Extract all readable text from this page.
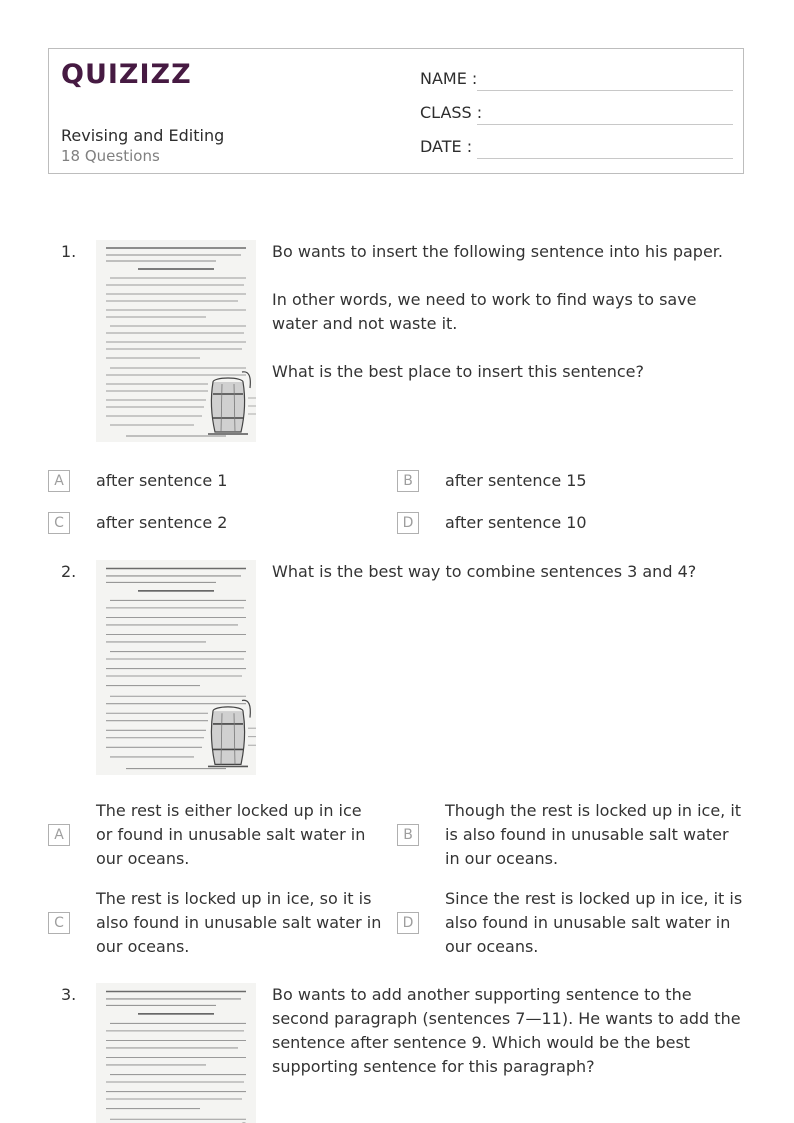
QUIZIZZ
Revising and Editing
18 Questions
NAME :
CLASS :
DATE :
1.	Bo wants to insert the following sentence into his paper.

In other words, we need to work to find ways to save water and not waste it.

What is the best place to insert this sentence?

A	after sentence 1	B	after sentence 15
C	after sentence 2	D	after sentence 10
2.	What is the best way to combine sentences 3 and 4?

A
The rest is either locked up in ice or found in unusable salt water in our oceans.
B
Though the rest is locked up in ice, it is also found in unusable salt water in our oceans.
C
The rest is locked up in ice, so it is also found in unusable salt water in our oceans.
D
Since the rest is locked up in ice, it is also found in unusable salt water in our oceans.
3.	Bo wants to add another supporting sentence to the second paragraph (sentences 7—11). He wants to add the sentence after sentence 9. Which would be the best supporting sentence for this paragraph?
